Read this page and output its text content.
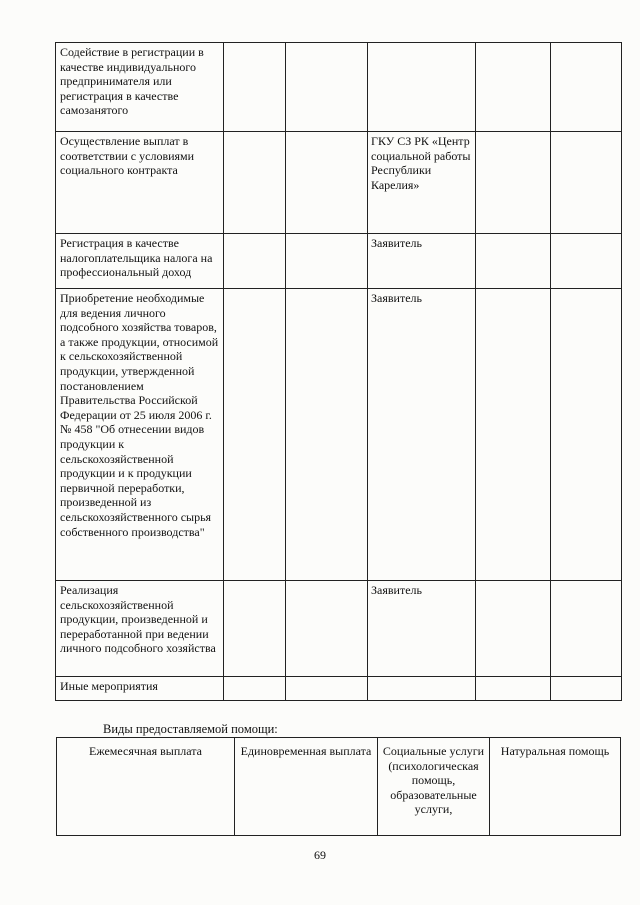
Содействие в регистрации в качестве индивидуального предпринимателя или регистрация в качестве самозанятого					
Осуществление выплат в соответствии с условиями социального контракта			ГКУ СЗ РК «Центр социальной работы Республики Карелия»		
Регистрация в качестве налогоплательщика налога на профессиональный доход			Заявитель		
Приобретение необходимые для ведения личного подсобного хозяйства товаров, а также продукции, относимой к сельскохозяйственной продукции, утвержденной постановлением Правительства Российской Федерации от 25 июля 2006 г. № 458 "Об отнесении видов продукции к сельскохозяйственной продукции и к продукции первичной переработки, произведенной из сельскохозяйственного сырья собственного производства"			Заявитель		
Реализация сельскохозяйственной продукции, произведенной и переработанной при ведении личного подсобного хозяйства			Заявитель		
Иные мероприятия					
Виды предоставляемой помощи:
Ежемесячная выплата	Единовременная выплата	Социальные услуги (психологическая помощь, образовательные услуги,	Натуральная помощь
69
